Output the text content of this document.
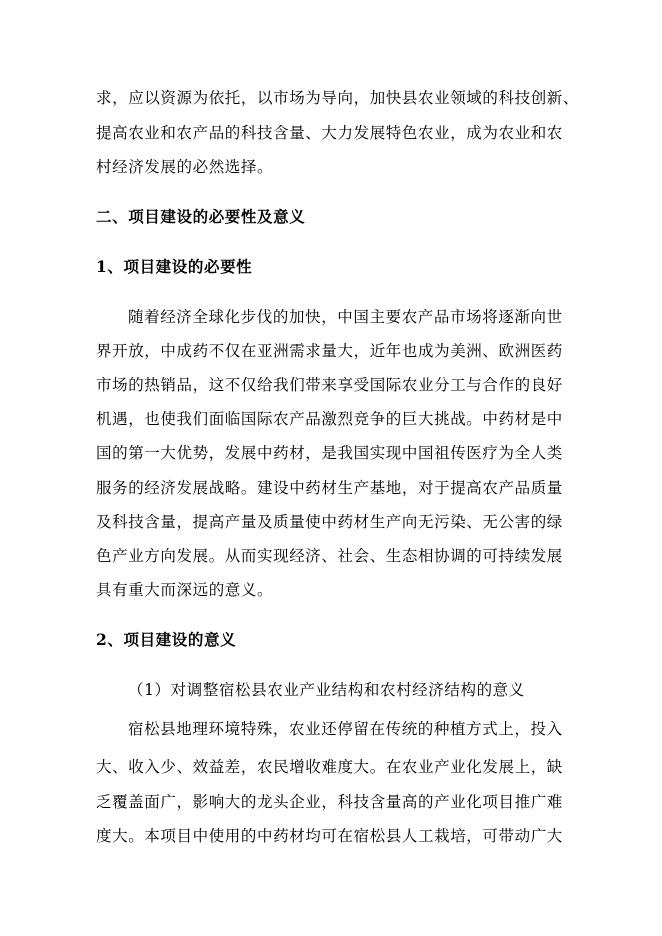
求，应以资源为依托，以市场为导向，加快县农业领域的科技创新、
提高农业和农产品的科技含量、大力发展特色农业，成为农业和农
村经济发展的必然选择。
二、项目建设的必要性及意义
1、项目建设的必要性
随着经济全球化步伐的加快，中国主要农产品市场将逐渐向世
界开放，中成药不仅在亚洲需求量大，近年也成为美洲、欧洲医药
市场的热销品，这不仅给我们带来享受国际农业分工与合作的良好
机遇，也使我们面临国际农产品激烈竞争的巨大挑战。中药材是中
国的第一大优势，发展中药材，是我国实现中国祖传医疗为全人类
服务的经济发展战略。建设中药材生产基地，对于提高农产品质量
及科技含量，提高产量及质量使中药材生产向无污染、无公害的绿
色产业方向发展。从而实现经济、社会、生态相协调的可持续发展
具有重大而深远的意义。
2、项目建设的意义
（1）对调整宿松县农业产业结构和农村经济结构的意义
宿松县地理环境特殊，农业还停留在传统的种植方式上，投入
大、收入少、效益差，农民增收难度大。在农业产业化发展上，缺
乏覆盖面广，影响大的龙头企业，科技含量高的产业化项目推广难
度大。本项目中使用的中药材均可在宿松县人工栽培，可带动广大
